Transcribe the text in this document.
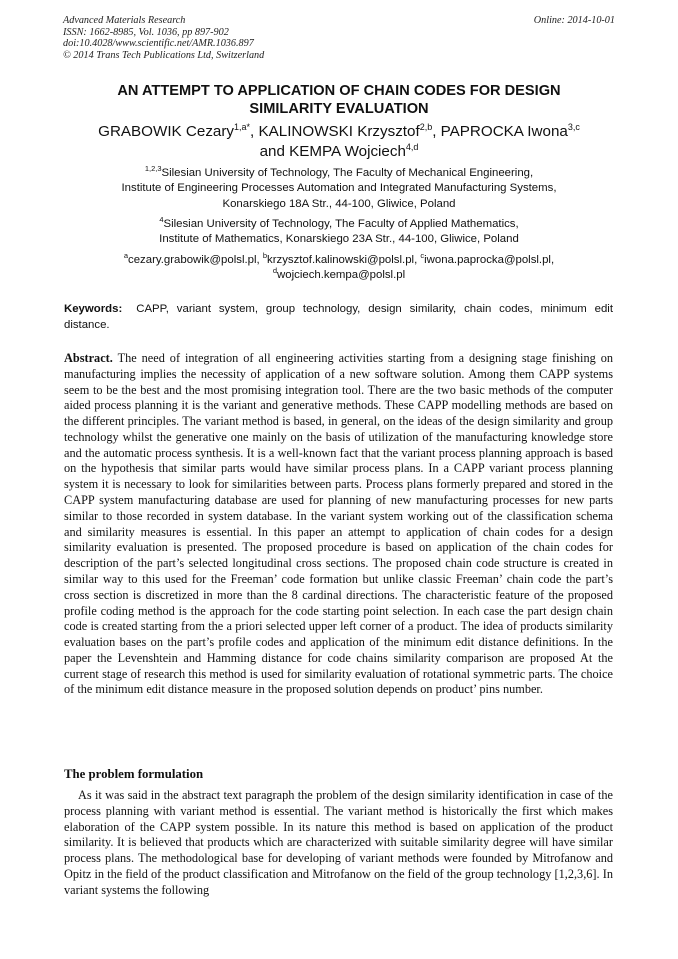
Advanced Materials Research
ISSN: 1662-8985, Vol. 1036, pp 897-902
doi:10.4028/www.scientific.net/AMR.1036.897
© 2014 Trans Tech Publications Ltd, Switzerland
Online: 2014-10-01
AN ATTEMPT TO APPLICATION OF CHAIN CODES FOR DESIGN
SIMILARITY EVALUATION
GRABOWIK Cezary$^{1,a*}$, KALINOWSKI Krzysztof$^{2,b}$, PAPROCKA Iwona$^{3,c}$
and KEMPA Wojciech$^{4,d}$
$^{1,2,3}$Silesian University of Technology, The Faculty of Mechanical Engineering,
Institute of Engineering Processes Automation and Integrated Manufacturing Systems,
Konarskiego 18A Str., 44-100, Gliwice, Poland
$^4$Silesian University of Technology, The Faculty of Applied Mathematics,
Institute of Mathematics, Konarskiego 23A Str., 44-100, Gliwice, Poland
$^a$cezary.grabowik@polsl.pl, $^b$krzysztof.kalinowski@polsl.pl, $^c$iwona.paprocka@polsl.pl,
$^d$wojciech.kempa@polsl.pl
Keywords: CAPP, variant system, group technology, design similarity, chain codes, minimum edit distance.
Abstract. The need of integration of all engineering activities starting from a designing stage finishing on manufacturing implies the necessity of application of a new software solution. Among them CAPP systems seem to be the best and the most promising integration tool. There are the two basic methods of the computer aided process planning it is the variant and generative methods. These CAPP modelling methods are based on the different principles. The variant method is based, in general, on the ideas of the design similarity and group technology whilst the generative one mainly on the basis of utilization of the manufacturing knowledge store and the automatic process synthesis. It is a well-known fact that the variant process planning approach is based on the hypothesis that similar parts would have similar process plans. In a CAPP variant process planning system it is necessary to look for similarities between parts. Process plans formerly prepared and stored in the CAPP system manufacturing database are used for planning of new manufacturing processes for new parts similar to those recorded in system database. In the variant system working out of the classification schema and similarity measures is essential. In this paper an attempt to application of chain codes for a design similarity evaluation is presented. The proposed procedure is based on application of the chain codes for description of the part’s selected longitudinal cross sections. The proposed chain code structure is created in similar way to this used for the Freeman’ code formation but unlike classic Freeman’ chain code the part’s cross section is discretized in more than the 8 cardinal directions. The characteristic feature of the proposed profile coding method is the approach for the code starting point selection. In each case the part design chain code is created starting from the a priori selected upper left corner of a product. The idea of products similarity evaluation bases on the part’s profile codes and application of the minimum edit distance definitions. In the paper the Levenshtein and Hamming distance for code chains similarity comparison are proposed At the current stage of research this method is used for similarity evaluation of rotational symmetric parts. The choice of the minimum edit distance measure in the proposed solution depends on product’ pins number.
The problem formulation
As it was said in the abstract text paragraph the problem of the design similarity identification in case of the process planning with variant method is essential. The variant method is historically the first which makes elaboration of the CAPP system possible. In its nature this method is based on application of the product similarity. It is believed that products which are characterized with suitable similarity degree will have similar process plans. The methodological base for developing of variant methods were founded by Mitrofanow and Opitz in the field of the product classification and Mitrofanow on the field of the group technology [1,2,3,6]. In variant systems the following
